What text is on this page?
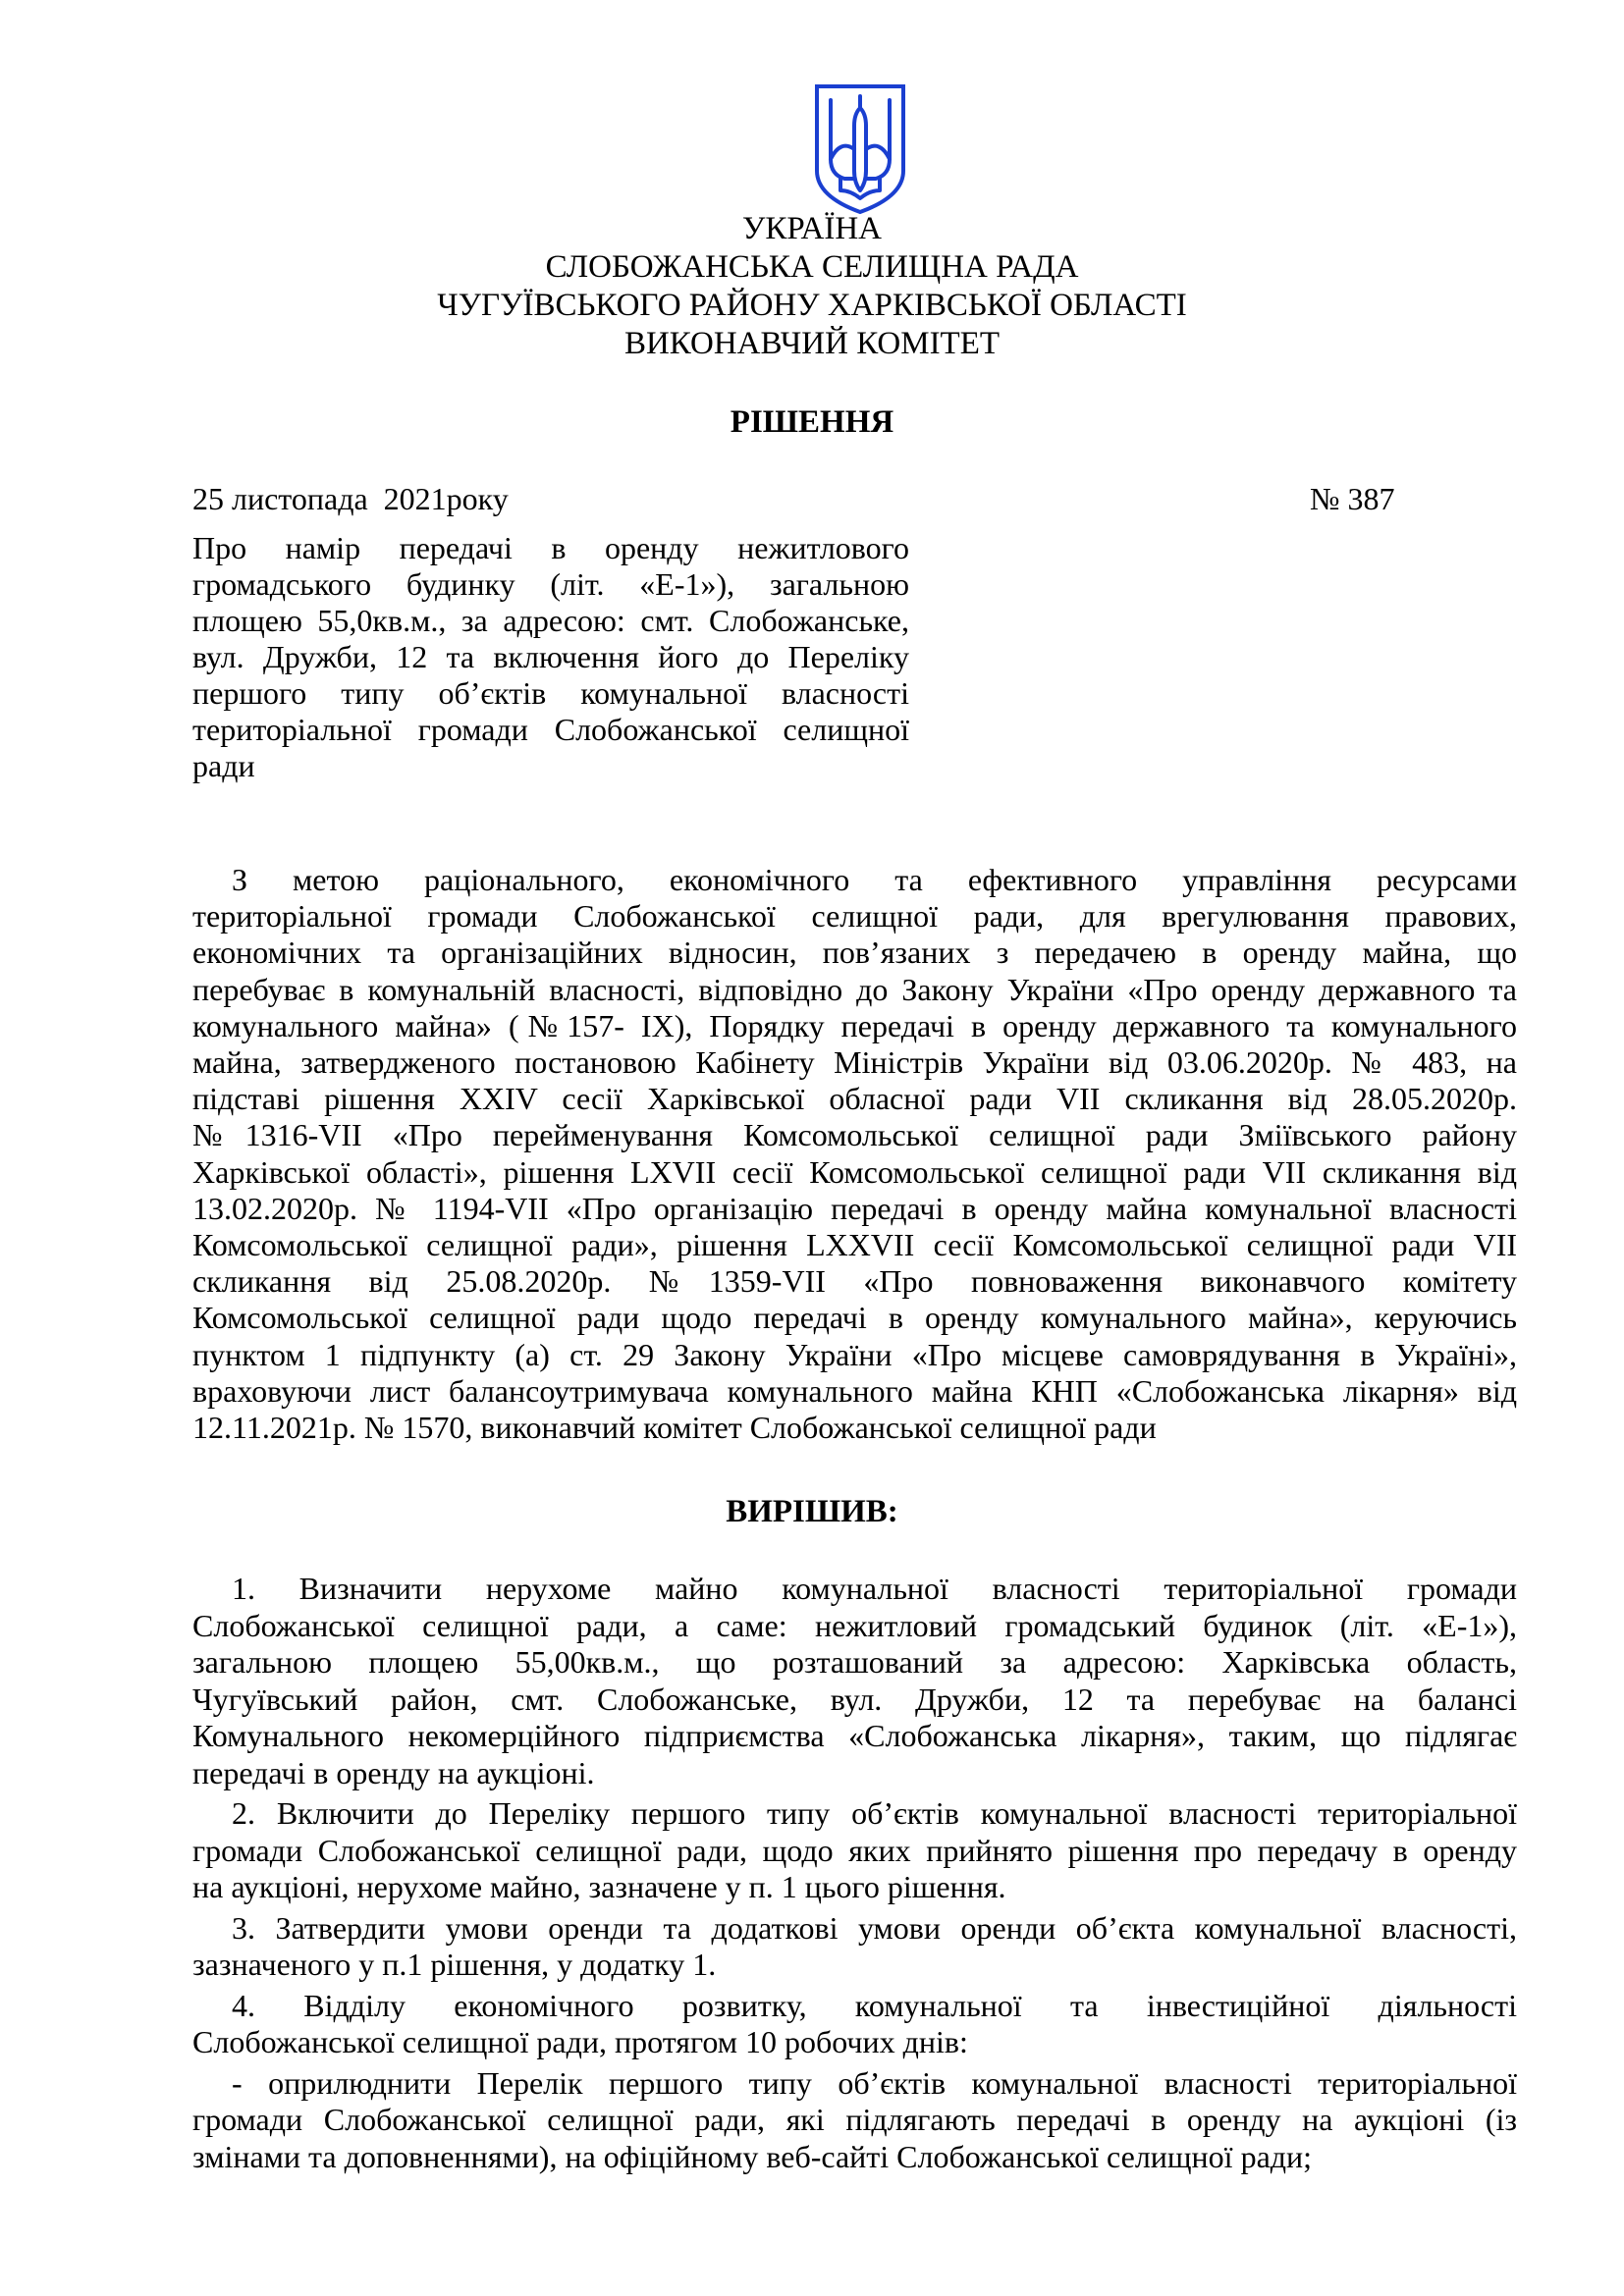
УКРАЇНА
СЛОБОЖАНСЬКА СЕЛИЩНА РАДА
ЧУГУЇВСЬКОГО РАЙОНУ ХАРКІВСЬКОЇ ОБЛАСТІ
ВИКОНАВЧИЙ КОМІТЕТ
РІШЕННЯ
25 листопада  2021року	№ 387
Про намір передачі в оренду нежитлового
громадського будинку (літ. «Е-1»), загальною
площею 55,0кв.м., за адресою: смт. Слобожанське,
вул. Дружби, 12 та включення його до Переліку
першого типу об’єктів комунальної власності
територіальної громади Слобожанської селищної
ради
З метою раціонального, економічного та ефективного управління ресурсами
територіальної громади Слобожанської селищної ради, для врегулювання правових,
економічних та організаційних відносин, пов’язаних з передачею в оренду майна, що
перебуває в комунальній власності, відповідно до Закону України «Про оренду державного та
комунального майна» (№157- IX), Порядку передачі в оренду державного та комунального
майна, затвердженого постановою Кабінету Міністрів України від 03.06.2020р. № 483, на
підставі рішення XXIV сесії Харківської обласної ради VII скликання від 28.05.2020р.
№1316-VII «Про перейменування Комсомольської селищної ради Зміївського району
Харківської області», рішення LXVII сесії Комсомольської селищної ради VII скликання від
13.02.2020р. № 1194-VII «Про організацію передачі в оренду майна комунальної власності
Комсомольської селищної ради», рішення LXXVII сесії Комсомольської селищної ради VII
скликання від 25.08.2020р. №1359-VII «Про повноваження виконавчого комітету
Комсомольської селищної ради щодо передачі в оренду комунального майна», керуючись
пунктом 1 підпункту (а) ст. 29 Закону України «Про місцеве самоврядування в Україні»,
враховуючи лист балансоутримувача комунального майна КНП «Слобожанська лікарня» від
12.11.2021р. № 1570, виконавчий комітет Слобожанської селищної ради
ВИРІШИВ:
1. Визначити нерухоме майно комунальної власності територіальної громади
Слобожанської селищної ради, а саме: нежитловий громадський будинок (літ. «Е-1»),
загальною площею 55,00кв.м., що розташований за адресою: Харківська область,
Чугуївський район, смт. Слобожанське, вул. Дружби, 12 та перебуває на балансі
Комунального некомерційного підприємства «Слобожанська лікарня», таким, що підлягає
передачі в оренду на аукціоні.
2. Включити до Переліку першого типу об’єктів комунальної власності територіальної
громади Слобожанської селищної ради, щодо яких прийнято рішення про передачу в оренду
на аукціоні, нерухоме майно, зазначене у п. 1 цього рішення.
3. Затвердити умови оренди та додаткові умови оренди об’єкта комунальної власності,
зазначеного у п.1 рішення, у додатку 1.
4. Відділу економічного розвитку, комунальної та інвестиційної діяльності
Слобожанської селищної ради, протягом 10 робочих днів:
- оприлюднити Перелік першого типу об’єктів комунальної власності територіальної
громади Слобожанської селищної ради, які підлягають передачі в оренду на аукціоні (із
змінами та доповненнями), на офіційному веб-сайті Слобожанської селищної ради;
